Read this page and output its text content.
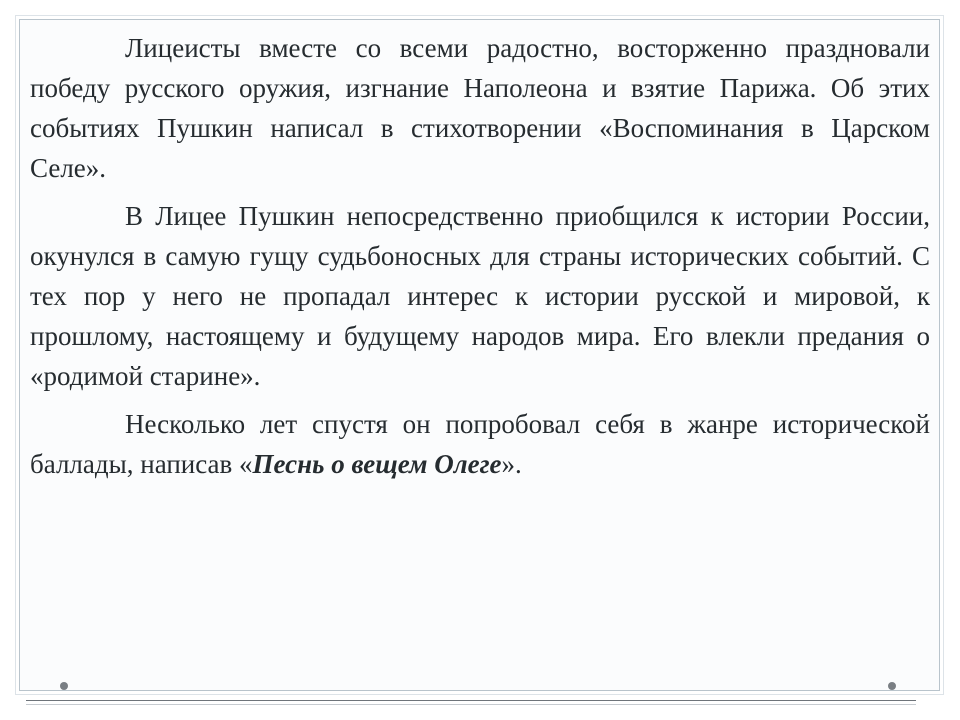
Лицеисты вместе со всеми радостно, восторженно праздновали победу русского оружия, изгнание Наполеона и взятие Парижа. Об этих событиях Пушкин написал в стихотворении «Воспоминания в Царском Селе».

В Лицее Пушкин непосредственно приобщился к истории России, окунулся в самую гущу судьбоносных для страны исторических событий. С тех пор у него не пропадал интерес к истории русской и мировой, к прошлому, настоящему и будущему народов мира. Его влекли предания о «родимой старине».

Несколько лет спустя он попробовал себя в жанре исторической баллады, написав «Песнь о вещем Олеге».
